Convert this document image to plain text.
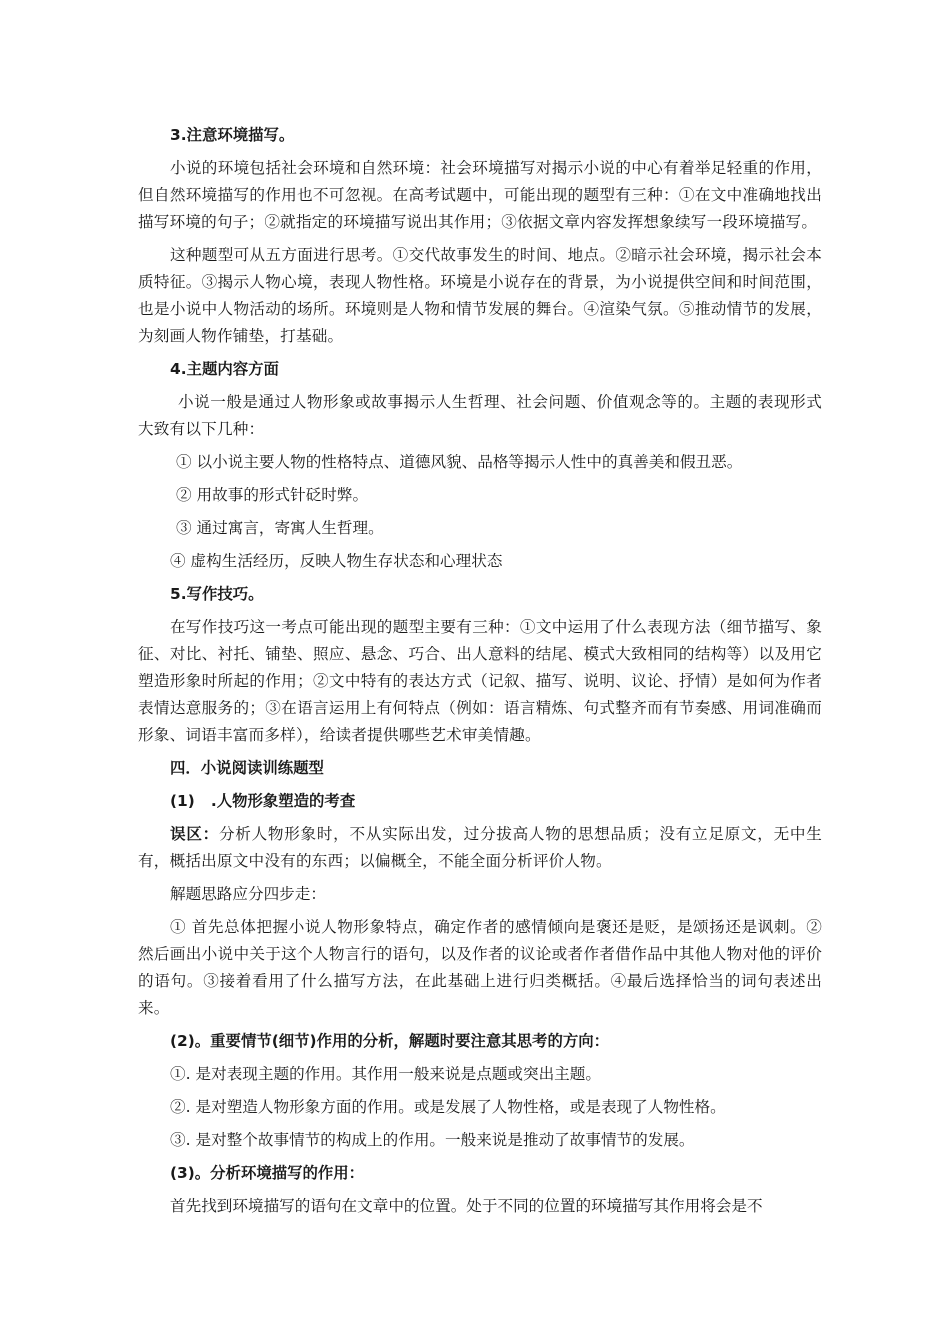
3.注意环境描写。

小说的环境包括社会环境和自然环境：社会环境描写对揭示小说的中心有着举足轻重的作用，但自然环境描写的作用也不可忽视。在高考试题中，可能出现的题型有三种：①在文中准确地找出描写环境的句子；②就指定的环境描写说出其作用；③依据文章内容发挥想象续写一段环境描写。

这种题型可从五方面进行思考。①交代故事发生的时间、地点。②暗示社会环境，揭示社会本质特征。③揭示人物心境，表现人物性格。环境是小说存在的背景，为小说提供空间和时间范围，也是小说中人物活动的场所。环境则是人物和情节发展的舞台。④渲染气氛。⑤推动情节的发展，为刻画人物作铺垫，打基础。

4.主题内容方面

小说一般是通过人物形象或故事揭示人生哲理、社会问题、价值观念等的。主题的表现形式大致有以下几种：

① 以小说主要人物的性格特点、道德风貌、品格等揭示人性中的真善美和假丑恶。
② 用故事的形式针砭时弊。
③ 通过寓言，寄寓人生哲理。
④ 虚构生活经历，反映人物生存状态和心理状态
5.写作技巧。

在写作技巧这一考点可能出现的题型主要有三种：①文中运用了什么表现方法（细节描写、象征、对比、衬托、铺垫、照应、悬念、巧合、出人意料的结尾、模式大致相同的结构等）以及用它塑造形象时所起的作用；②文中特有的表达方式（记叙、描写、说明、议论、抒情）是如何为作者表情达意服务的；③在语言运用上有何特点（例如：语言精炼、句式整齐而有节奏感、用词准确而形象、词语丰富而多样），给读者提供哪些艺术审美情趣。

四．小说阅读训练题型
(1)   .人物形象塑造的考查

误区：分析人物形象时，不从实际出发，过分拔高人物的思想品质；没有立足原文，无中生有，概括出原文中没有的东西；以偏概全，不能全面分析评价人物。

解题思路应分四步走：

① 首先总体把握小说人物形象特点，确定作者的感情倾向是褒还是贬，是颂扬还是讽刺。②然后画出小说中关于这个人物言行的语句，以及作者的议论或者作者借作品中其他人物对他的评价的语句。③接着看用了什么描写方法，在此基础上进行归类概括。④最后选择恰当的词句表述出来。

(2)。重要情节(细节)作用的分析，解题时要注意其思考的方向：
①. 是对表现主题的作用。其作用一般来说是点题或突出主题。
②. 是对塑造人物形象方面的作用。或是发展了人物性格，或是表现了人物性格。
③. 是对整个故事情节的构成上的作用。一般来说是推动了故事情节的发展。
(3)。分析环境描写的作用：
首先找到环境描写的语句在文章中的位置。处于不同的位置的环境描写其作用将会是不
